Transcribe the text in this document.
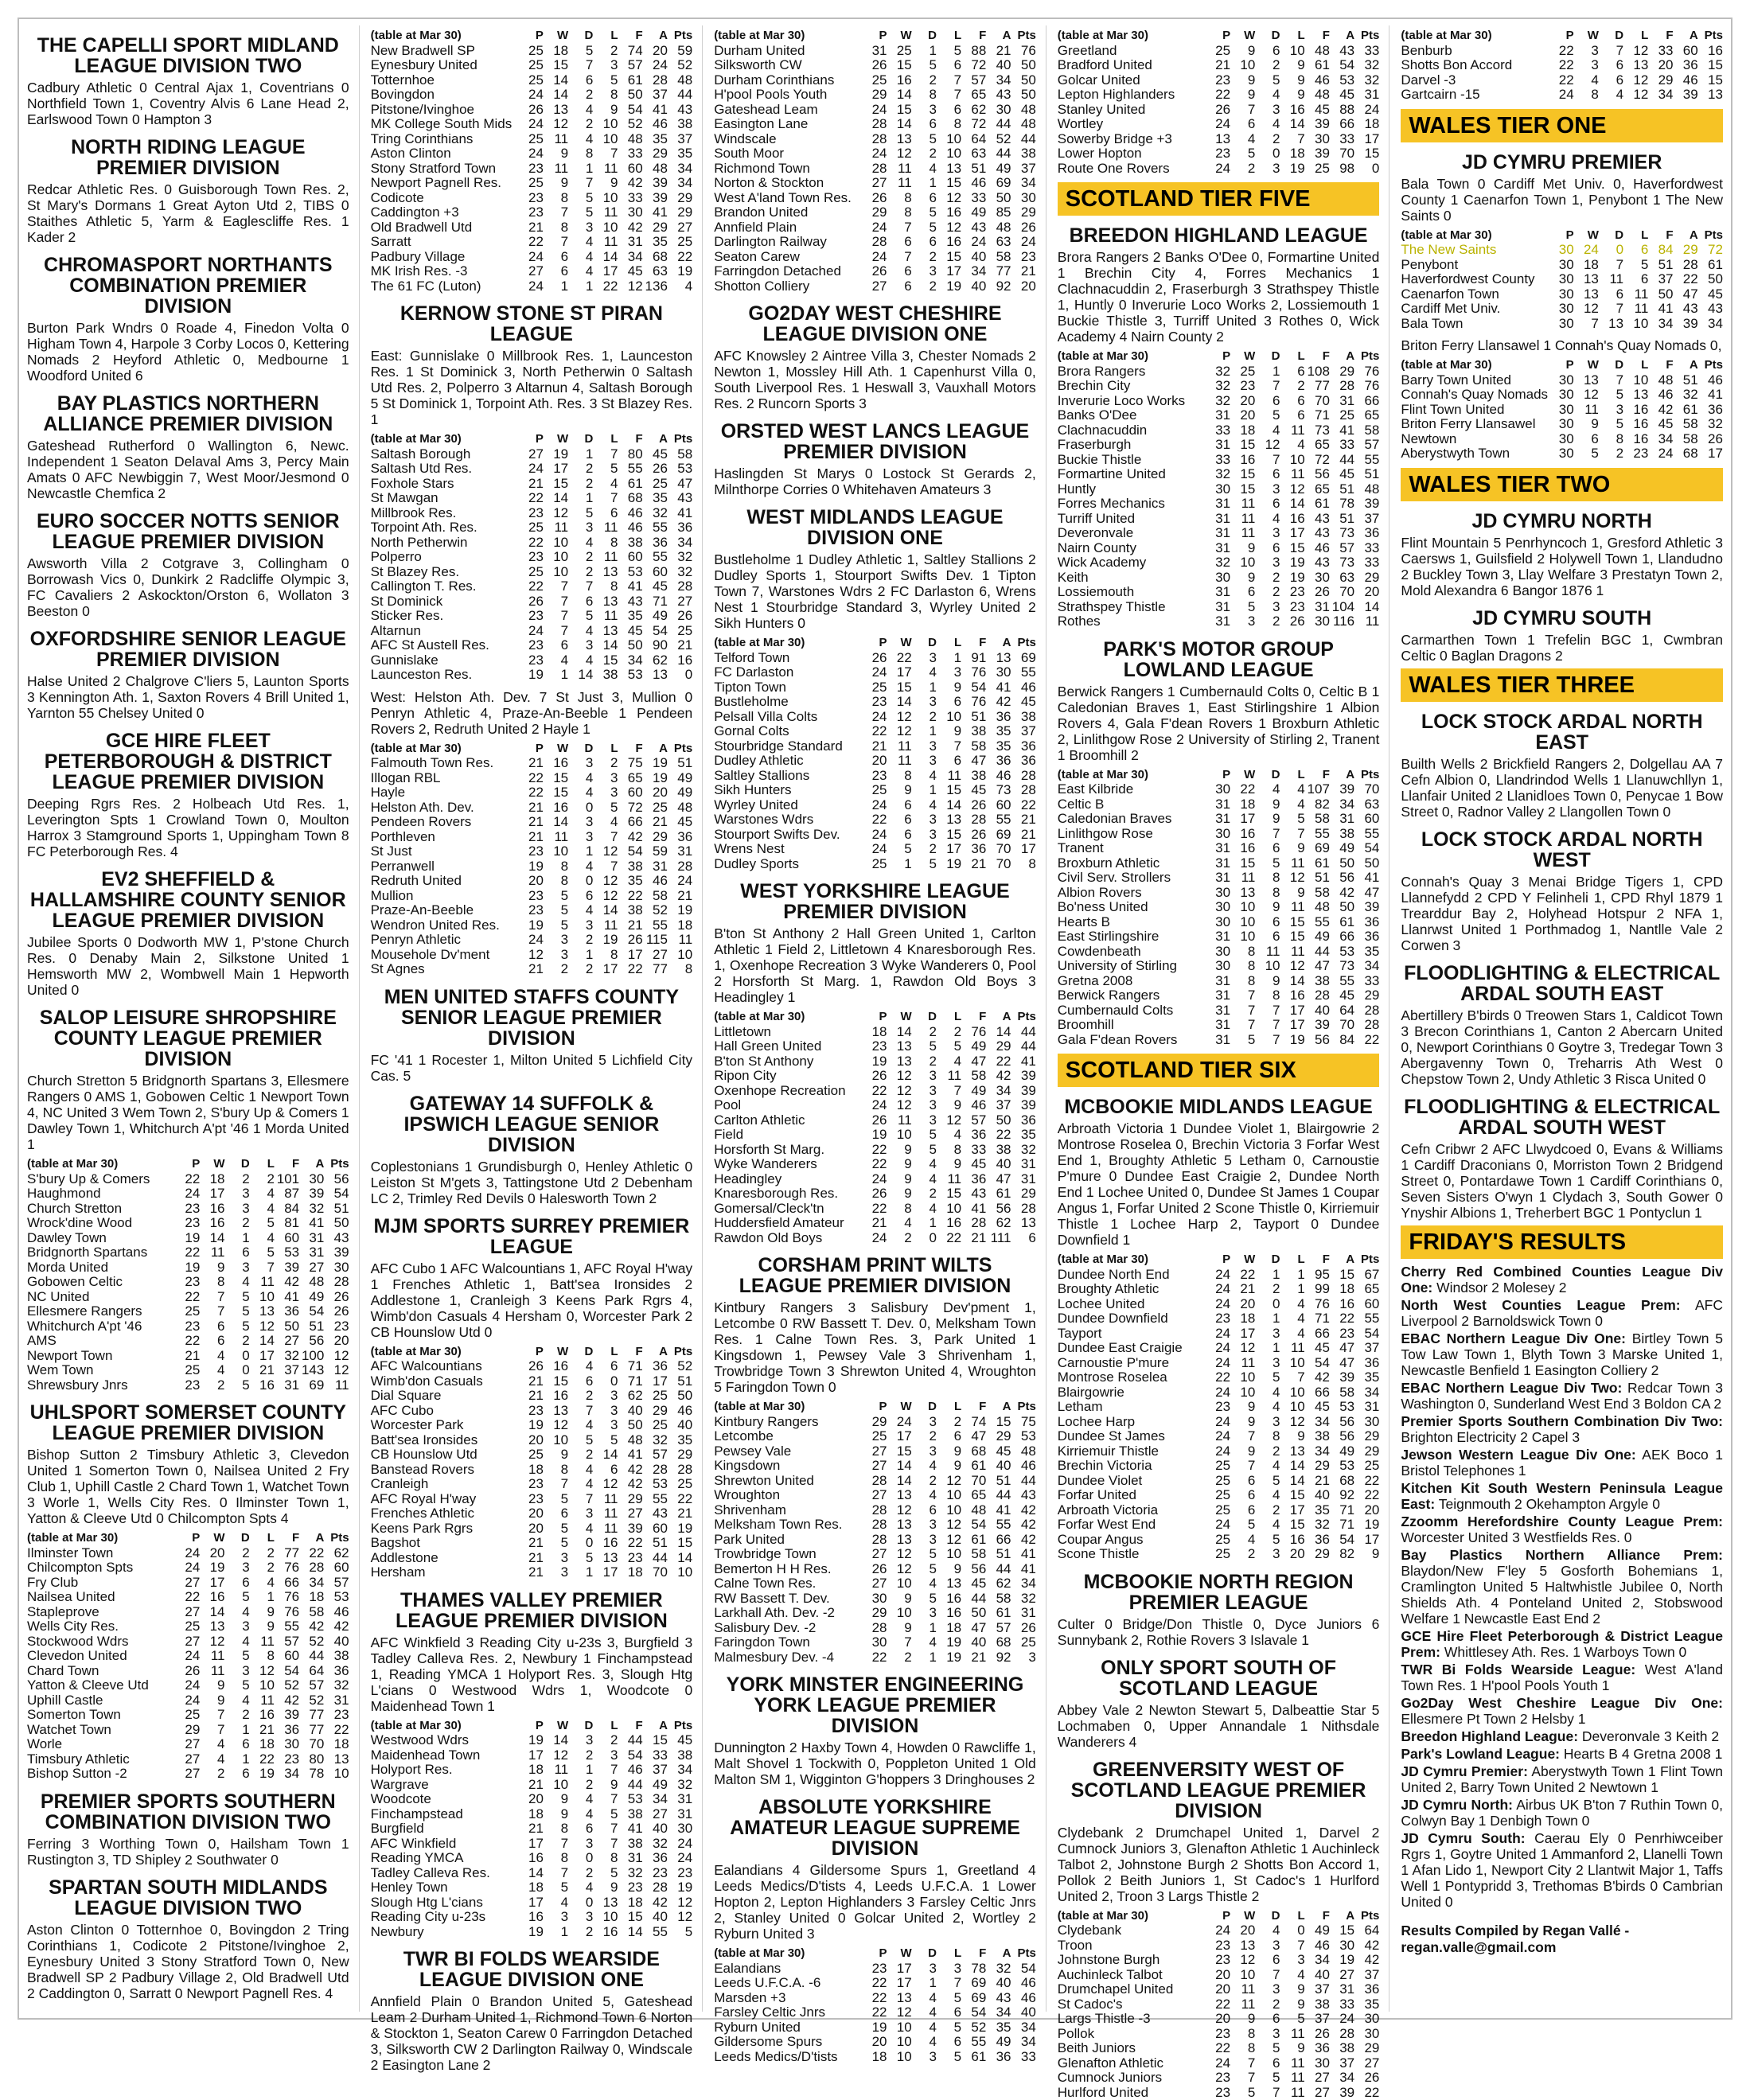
THE CAPELLI SPORT MIDLAND LEAGUE DIVISION TWO

Cadbury Athletic 0 Central Ajax 1, Coventrians 0 Northfield Town 1, Coventry Alvis 6 Lane Head 2, Earlswood Town 0 Hampton 3

NORTH RIDING LEAGUE PREMIER DIVISION

Redcar Athletic Res. 0 Guisborough Town Res. 2, St Mary's Dormans 1 Great Ayton Utd 2, TIBS 0 Staithes Athletic 5, Yarm & Eaglescliffe Res. 1 Kader 2

CHROMASPORT NORTHANTS COMBINATION PREMIER DIVISION

Burton Park Wndrs 0 Roade 4, Finedon Volta 0 Higham Town 4, Harpole 3 Corby Locos 0, Kettering Nomads 2 Heyford Athletic 0, Medbourne 1 Woodford United 6

BAY PLASTICS NORTHERN ALLIANCE PREMIER DIVISION

Gateshead Rutherford 0 Wallington 6, Newc. Independent 1 Seaton Delaval Ams 3, Percy Main Amats 0 AFC Newbiggin 7, West Moor/Jesmond 0 Newcastle Chemfica 2

EURO SOCCER NOTTS SENIOR LEAGUE PREMIER DIVISION

Awsworth Villa 2 Cotgrave 3, Collingham 0 Borrowash Vics 0, Dunkirk 2 Radcliffe Olympic 3, FC Cavaliers 2 Askockton/Orston 6, Wollaton 3 Beeston 0

OXFORDSHIRE SENIOR LEAGUE PREMIER DIVISION

Halse United 2 Chalgrove C'liers 5, Launton Sports 3 Kennington Ath. 1, Saxton Rovers 4 Brill United 1, Yarnton 55 Chelsey United 0

GCE HIRE FLEET PETERBOROUGH & DISTRICT LEAGUE PREMIER DIVISION

Deeping Rgrs Res. 2 Holbeach Utd Res. 1, Leverington Spts 1 Crowland Town 0, Moulton Harrox 3 Stamground Sports 1, Uppingham Town 8 FC Peterborough Res. 4

EV2 SHEFFIELD & HALLAMSHIRE COUNTY SENIOR LEAGUE PREMIER DIVISION

Jubilee Sports 0 Dodworth MW 1, P'stone Church Res. 0 Denaby Main 2, Silkstone United 1 Hemsworth MW 2, Wombwell Main 1 Hepworth United 0

SALOP LEISURE SHROPSHIRE COUNTY LEAGUE PREMIER DIVISION

Church Stretton 5 Bridgnorth Spartans 3, Ellesmere Rangers 0 AMS 1, Gobowen Celtic 1 Newport Town 4, NC United 3 Wem Town 2, S'bury Up & Comers 1 Dawley Town 1, Whitchurch A'pt '46 1 Morda United 1

(table at Mar 30)	P	W	D	L	F	A	Pts
S'bury Up & Comers	22	18	2	2	101	30	56
Haughmond	24	17	3	4	87	39	54
Church Stretton	23	16	3	4	84	32	51
Wrock'dine Wood	23	16	2	5	81	41	50
Dawley Town	19	14	1	4	60	31	43
Bridgnorth Spartans	22	11	6	5	53	31	39
Morda United	19	9	3	7	39	27	30
Gobowen Celtic	23	8	4	11	42	48	28
NC United	22	7	5	10	41	49	26
Ellesmere Rangers	25	7	5	13	36	54	26
Whitchurch A'pt '46	23	6	5	12	50	51	23
AMS	22	6	2	14	27	56	20
Newport Town	21	4	0	17	32	100	12
Wem Town	25	4	0	21	37	143	12
Shrewsbury Jnrs	23	2	5	16	31	69	11
UHLSPORT SOMERSET COUNTY LEAGUE PREMIER DIVISION

Bishop Sutton 2 Timsbury Athletic 3, Clevedon United 1 Somerton Town 0, Nailsea United 2 Fry Club 1, Uphill Castle 2 Chard Town 1, Watchet Town 3 Worle 1, Wells City Res. 0 Ilminster Town 1, Yatton & Cleeve Utd 0 Chilcompton Spts 4

(table at Mar 30)	P	W	D	L	F	A	Pts
Ilminster Town	24	20	2	2	77	22	62
Chilcompton Spts	24	19	3	2	76	28	60
Fry Club	27	17	6	4	66	34	57
Nailsea United	22	16	5	1	76	18	53
Stapleprove	27	14	4	9	76	58	46
Wells City Res.	25	13	3	9	55	42	42
Stockwood Wdrs	27	12	4	11	57	52	40
Clevedon United	24	11	5	8	60	44	38
Chard Town	26	11	3	12	54	64	36
Yatton & Cleeve Utd	24	9	5	10	52	57	32
Uphill Castle	24	9	4	11	42	52	31
Somerton Town	25	7	2	16	39	77	23
Watchet Town	29	7	1	21	36	77	22
Worle	27	4	6	18	30	70	18
Timsbury Athletic	27	4	1	22	23	80	13
Bishop Sutton -2	27	2	6	19	34	78	10
PREMIER SPORTS SOUTHERN COMBINATION DIVISION TWO

Ferring 3 Worthing Town 0, Hailsham Town 1 Rustington 3, TD Shipley 2 Southwater 0

SPARTAN SOUTH MIDLANDS LEAGUE DIVISION TWO

Aston Clinton 0 Totternhoe 0, Bovingdon 2 Tring Corinthians 1, Codicote 2 Pitstone/Ivinghoe 2, Eynesbury United 3 Stony Stratford Town 0, New Bradwell SP 2 Padbury Village 2, Old Bradwell Utd 2 Caddington 0, Sarratt 0 Newport Pagnell Res. 4

(table at Mar 30)	P	W	D	L	F	A	Pts
New Bradwell SP	25	18	5	2	74	20	59
Eynesbury United	25	15	7	3	57	24	52
Totternhoe	25	14	6	5	61	28	48
Bovingdon	24	14	2	8	50	37	44
Pitstone/Ivinghoe	26	13	4	9	54	41	43
MK College South Mids	24	12	2	10	52	46	38
Tring Corinthians	25	11	4	10	48	35	37
Aston Clinton	24	9	8	7	33	29	35
Stony Stratford Town	23	11	1	11	60	48	34
Newport Pagnell Res.	25	9	7	9	42	39	34
Codicote	23	8	5	10	33	39	29
Caddington +3	23	7	5	11	30	41	29
Old Bradwell Utd	21	8	3	10	42	29	27
Sarratt	22	7	4	11	31	35	25
Padbury Village	24	6	4	14	34	68	22
MK Irish Res. -3	27	6	4	17	45	63	19
The 61 FC (Luton)	24	1	1	22	12	136	4
KERNOW STONE ST PIRAN LEAGUE

East: Gunnislake 0 Millbrook Res. 1, Launceston Res. 1 St Dominick 3, North Petherwin 0 Saltash Utd Res. 2, Polperro 3 Altarnun 4, Saltash Borough 5 St Dominick 1, Torpoint Ath. Res. 3 St Blazey Res. 1

(table at Mar 30)	P	W	D	L	F	A	Pts
Saltash Borough	27	19	1	7	80	45	58
Saltash Utd Res.	24	17	2	5	55	26	53
Foxhole Stars	21	15	2	4	61	25	47
St Mawgan	22	14	1	7	68	35	43
Millbrook Res.	23	12	5	6	46	32	41
Torpoint Ath. Res.	25	11	3	11	46	55	36
North Petherwin	22	10	4	8	38	36	34
Polperro	23	10	2	11	60	55	32
St Blazey Res.	25	10	2	13	53	60	32
Callington T. Res.	22	7	7	8	41	45	28
St Dominick	26	7	6	13	43	71	27
Sticker Res.	23	7	5	11	35	49	26
Altarnun	24	7	4	13	45	54	25
AFC St Austell Res.	23	6	3	14	50	90	21
Gunnislake	23	4	4	15	34	62	16
Launceston Res.	19	1	14	38	53	13	0

West: Helston Ath. Dev. 7 St Just 3, Mullion 0 Penryn Athletic 4, Praze-An-Beeble 1 Pendeen Rovers 2, Redruth United 2 Hayle 1

(table at Mar 30)	P	W	D	L	F	A	Pts
Falmouth Town Res.	21	16	3	2	75	19	51
Illogan RBL	22	15	4	3	65	19	49
Hayle	22	15	4	3	60	20	49
Helston Ath. Dev.	21	16	0	5	72	25	48
Pendeen Rovers	21	14	3	4	66	21	45
Porthleven	21	11	3	7	42	29	36
St Just	23	10	1	12	54	59	31
Perranwell	19	8	4	7	38	31	28
Redruth United	20	8	0	12	35	46	24
Mullion	23	5	6	12	22	58	21
Praze-An-Beeble	23	5	4	14	38	52	19
Wendron United Res.	19	5	3	11	21	55	18
Penryn Athletic	24	3	2	19	26	115	11
Mousehole Dv'ment	12	3	1	8	17	27	10
St Agnes	21	2	2	17	22	77	8
MEN UNITED STAFFS COUNTY SENIOR LEAGUE PREMIER DIVISION

FC '41 1 Rocester 1, Milton United 5 Lichfield City Cas. 5

GATEWAY 14 SUFFOLK & IPSWICH LEAGUE SENIOR DIVISION

Coplestonians 1 Grundisburgh 0, Henley Athletic 0 Leiston St M'gets 3, Tattingstone Utd 2 Debenham LC 2, Trimley Red Devils 0 Halesworth Town 2

MJM SPORTS SURREY PREMIER LEAGUE

AFC Cubo 1 AFC Walcountians 1, AFC Royal H'way 1 Frenches Athletic 1, Batt'sea Ironsides 2 Addlestone 1, Cranleigh 3 Keens Park Rgrs 4, Wimb'don Casuals 4 Hersham 0, Worcester Park 2 CB Hounslow Utd 0

(table at Mar 30)	P	W	D	L	F	A	Pts
AFC Walcountians	26	16	4	6	71	36	52
Wimb'don Casuals	21	15	6	0	71	17	51
Dial Square	21	16	2	3	62	25	50
AFC Cubo	23	13	7	3	40	29	46
Worcester Park	19	12	4	3	50	25	40
Batt'sea Ironsides	20	10	5	5	48	32	35
CB Hounslow Utd	25	9	2	14	41	57	29
Banstead Rovers	18	8	4	6	42	28	28
Cranleigh	23	7	4	12	42	53	25
AFC Royal H'way	23	5	7	11	29	55	22
Frenches Athletic	20	6	3	11	27	43	21
Keens Park Rgrs	20	5	4	11	39	60	19
Bagshot	21	5	0	16	22	51	15
Addlestone	21	3	5	13	23	44	14
Hersham	21	3	1	17	18	70	10
THAMES VALLEY PREMIER LEAGUE PREMIER DIVISION

AFC Winkfield 3 Reading City u-23s 3, Burgfield 3 Tadley Calleva Res. 2, Newbury 1 Finchampstead 1, Reading YMCA 1 Holyport Res. 3, Slough Htg L'cians 0 Westwood Wdrs 1, Woodcote 0 Maidenhead Town 1

(table at Mar 30)	P	W	D	L	F	A	Pts
Westwood Wdrs	19	14	3	2	44	15	45
Maidenhead Town	17	12	2	3	54	33	38
Holyport Res.	18	11	1	7	46	37	34
Wargrave	21	10	2	9	44	49	32
Woodcote	20	9	4	7	53	34	31
Finchampstead	18	9	4	5	38	27	31
Burgfield	21	8	6	7	41	40	30
AFC Winkfield	17	7	3	7	38	32	24
Reading YMCA	16	8	0	8	31	36	24
Tadley Calleva Res.	14	7	2	5	32	23	23
Henley Town	18	5	4	9	23	28	19
Slough Htg L'cians	17	4	0	13	18	42	12
Reading City u-23s	16	3	3	10	15	40	12
Newbury	19	1	2	16	14	55	5
TWR BI FOLDS WEARSIDE LEAGUE DIVISION ONE

Annfield Plain 0 Brandon United 5, Gateshead Leam 2 Durham United 1, Richmond Town 6 Norton & Stockton 1, Seaton Carew 0 Farringdon Detached 3, Silksworth CW 2 Darlington Railway 0, Windscale 2 Easington Lane 2

(table at Mar 30)	P	W	D	L	F	A	Pts
Durham United	31	25	1	5	88	21	76
Silksworth CW	26	15	5	6	72	40	50
Durham Corinthians	25	16	2	7	57	34	50
H'pool Pools Youth	29	14	8	7	65	43	50
Gateshead Leam	24	15	3	6	62	30	48
Easington Lane	28	14	6	8	72	44	48
Windscale	28	13	5	10	64	52	44
South Moor	24	12	2	10	63	44	38
Richmond Town	28	11	4	13	51	49	37
Norton & Stockton	27	11	1	15	46	69	34
West A'land Town Res.	26	8	6	12	33	50	30
Brandon United	29	8	5	16	49	85	29
Annfield Plain	24	7	5	12	43	48	26
Darlington Railway	28	6	6	16	24	63	24
Seaton Carew	24	7	2	15	40	58	23
Farringdon Detached	26	6	3	17	34	77	21
Shotton Colliery	27	6	2	19	40	92	20
GO2DAY WEST CHESHIRE LEAGUE DIVISION ONE

AFC Knowsley 2 Aintree Villa 3, Chester Nomads 2 Newton 1, Mossley Hill Ath. 1 Capenhurst Villa 0, South Liverpool Res. 1 Heswall 3, Vauxhall Motors Res. 2 Runcorn Sports 3

ORSTED WEST LANCS LEAGUE PREMIER DIVISION

Haslingden St Marys 0 Lostock St Gerards 2, Milnthorpe Corries 0 Whitehaven Amateurs 3

WEST MIDLANDS LEAGUE DIVISION ONE

Bustleholme 1 Dudley Athletic 1, Saltley Stallions 2 Dudley Sports 1, Stourport Swifts Dev. 1 Tipton Town 7, Warstones Wdrs 2 FC Darlaston 6, Wrens Nest 1 Stourbridge Standard 3, Wyrley United 2 Sikh Hunters 0

(table at Mar 30)	P	W	D	L	F	A	Pts
Telford Town	26	22	3	1	91	13	69
FC Darlaston	24	17	4	3	76	30	55
Tipton Town	25	15	1	9	54	41	46
Bustleholme	23	14	3	6	76	42	45
Pelsall Villa Colts	24	12	2	10	51	36	38
Gornal Colts	22	12	1	9	38	35	37
Stourbridge Standard	21	11	3	7	58	35	36
Dudley Athletic	20	11	3	6	47	36	36
Saltley Stallions	23	8	4	11	38	46	28
Sikh Hunters	25	9	1	15	45	73	28
Wyrley United	24	6	4	14	26	60	22
Warstones Wdrs	22	6	3	13	28	55	21
Stourport Swifts Dev.	24	6	3	15	26	69	21
Wrens Nest	24	5	2	17	36	70	17
Dudley Sports	25	1	5	19	21	70	8
WEST YORKSHIRE LEAGUE PREMIER DIVISION

B'ton St Anthony 2 Hall Green United 1, Carlton Athletic 1 Field 2, Littletown 4 Knaresborough Res. 1, Oxenhope Recreation 3 Wyke Wanderers 0, Pool 2 Horsforth St Marg. 1, Rawdon Old Boys 3 Headingley 1

(table at Mar 30)	P	W	D	L	F	A	Pts
Littletown	18	14	2	2	76	14	44
Hall Green United	23	13	5	5	49	29	44
B'ton St Anthony	19	13	2	4	47	22	41
Ripon City	26	12	3	11	58	42	39
Oxenhope Recreation	22	12	3	7	49	34	39
Pool	24	12	3	9	46	37	39
Carlton Athletic	26	11	3	12	57	50	36
Field	19	10	5	4	36	22	35
Horsforth St Marg.	22	9	5	8	33	38	32
Wyke Wanderers	22	9	4	9	45	40	31
Headingley	24	9	4	11	36	47	31
Knaresborough Res.	26	9	2	15	43	61	29
Gomersal/Cleck'tn	22	8	4	10	41	56	28
Huddersfield Amateur	21	4	1	16	28	62	13
Rawdon Old Boys	24	2	0	22	21	111	6
CORSHAM PRINT WILTS LEAGUE PREMIER DIVISION

Kintbury Rangers 3 Salisbury Dev'pment 1, Letcombe 0 RW Bassett T. Dev. 0, Melksham Town Res. 1 Calne Town Res. 3, Park United 1 Kingsdown 1, Pewsey Vale 3 Shrivenham 1, Trowbridge Town 3 Shrewton United 4, Wroughton 5 Faringdon Town 0

(table at Mar 30)	P	W	D	L	F	A	Pts
Kintbury Rangers	29	24	3	2	74	15	75
Letcombe	25	17	2	6	47	29	53
Pewsey Vale	27	15	3	9	68	45	48
Kingsdown	27	14	4	9	61	40	46
Shrewton United	28	14	2	12	70	51	44
Wroughton	27	13	4	10	65	44	43
Shrivenham	28	12	6	10	48	41	42
Melksham Town Res.	28	13	3	12	54	55	42
Park United	28	13	3	12	61	66	42
Trowbridge Town	27	12	5	10	58	51	41
Bemerton H H Res.	26	12	5	9	56	44	41
Calne Town Res.	27	10	4	13	45	62	34
RW Bassett T. Dev.	30	9	5	16	44	58	32
Larkhall Ath. Dev. -2	29	10	3	16	50	61	31
Salisbury Dev. -2	28	9	1	18	47	57	26
Faringdon Town	30	7	4	19	40	68	25
Malmesbury Dev. -4	22	2	1	19	21	92	3
YORK MINSTER ENGINEERING YORK LEAGUE PREMIER DIVISION

Dunnington 2 Haxby Town 4, Howden 0 Rawcliffe 1, Malt Shovel 1 Tockwith 0, Poppleton United 1 Old Malton SM 1, Wigginton G'hoppers 3 Dringhouses 2

ABSOLUTE YORKSHIRE AMATEUR LEAGUE SUPREME DIVISION

Ealandians 4 Gildersome Spurs 1, Greetland 4 Leeds Medics/D'tists 4, Leeds U.F.C.A. 1 Lower Hopton 2, Lepton Highlanders 3 Farsley Celtic Jnrs 2, Stanley United 0 Golcar United 2, Wortley 2 Ryburn United 3

(table at Mar 30)	P	W	D	L	F	A	Pts
Ealandians	23	17	3	3	78	32	54
Leeds U.F.C.A. -6	22	17	1	7	69	40	46
Marsden +3	22	13	4	5	69	43	46
Farsley Celtic Jnrs	22	12	4	6	54	34	40
Ryburn United	19	10	4	5	52	35	34
Gildersome Spurs	20	10	4	6	55	49	34
Leeds Medics/D'tists	18	10	3	5	61	36	33
(table at Mar 30)	P	W	D	L	F	A	Pts
Greetland	25	9	6	10	48	43	33
Bradford United	21	10	2	9	61	54	32
Golcar United	23	9	5	9	46	53	32
Lepton Highlanders	22	9	4	9	48	45	31
Stanley United	26	7	3	16	45	88	24
Wortley	24	6	4	14	39	66	18
Sowerby Bridge +3	13	4	2	7	30	33	17
Lower Hopton	23	5	0	18	39	70	15
Route One Rovers	24	2	3	19	25	98	0
SCOTLAND TIER FIVE
BREEDON HIGHLAND LEAGUE

Brora Rangers 2 Banks O'Dee 0, Formartine United 1 Brechin City 4, Forres Mechanics 1 Clachnacuddin 2, Fraserburgh 3 Strathspey Thistle 1, Huntly 0 Inverurie Loco Works 2, Lossiemouth 1 Buckie Thistle 3, Turriff United 3 Rothes 0, Wick Academy 4 Nairn County 2

(table at Mar 30)	P	W	D	L	F	A	Pts
Brora Rangers	32	25	1	6	108	29	76
Brechin City	32	23	7	2	77	28	76
Inverurie Loco Works	32	20	6	6	70	31	66
Banks O'Dee	31	20	5	6	71	25	65
Clachnacuddin	33	18	4	11	73	41	58
Fraserburgh	31	15	12	4	65	33	57
Buckie Thistle	33	16	7	10	72	44	55
Formartine United	32	15	6	11	56	45	51
Huntly	30	15	3	12	65	51	48
Forres Mechanics	31	11	6	14	61	78	39
Turriff United	31	11	4	16	43	51	37
Deveronvale	31	11	3	17	43	73	36
Nairn County	31	9	6	15	46	57	33
Wick Academy	32	10	3	19	43	73	33
Keith	30	9	2	19	30	63	29
Lossiemouth	31	6	2	23	26	70	20
Strathspey Thistle	31	5	3	23	31	104	14
Rothes	31	3	2	26	30	116	11
PARK'S MOTOR GROUP LOWLAND LEAGUE

Berwick Rangers 1 Cumbernauld Colts 0, Celtic B 1 Caledonian Braves 1, East Stirlingshire 1 Albion Rovers 4, Gala F'dean Rovers 1 Broxburn Athletic 2, Linlithgow Rose 2 University of Stirling 2, Tranent 1 Broomhill 2

(table at Mar 30)	P	W	D	L	F	A	Pts
East Kilbride	30	22	4	4	107	39	70
Celtic B	31	18	9	4	82	34	63
Caledonian Braves	31	17	9	5	58	31	60
Linlithgow Rose	30	16	7	7	55	38	55
Tranent	31	16	6	9	69	49	54
Broxburn Athletic	31	15	5	11	61	50	50
Civil Serv. Strollers	31	11	8	12	51	56	41
Albion Rovers	30	13	8	9	58	42	47
Bo'ness United	30	10	9	11	48	50	39
Hearts B	30	10	6	15	55	61	36
East Stirlingshire	31	10	6	15	49	66	36
Cowdenbeath	30	8	11	11	44	53	35
University of Stirling	30	8	10	12	47	73	34
Gretna 2008	31	8	9	14	38	55	33
Berwick Rangers	31	7	8	16	28	45	29
Cumbernauld Colts	31	7	7	17	40	64	28
Broomhill	31	7	7	17	39	70	28
Gala F'dean Rovers	31	5	7	19	56	84	22
SCOTLAND TIER SIX
MCBOOKIE MIDLANDS LEAGUE

Arbroath Victoria 1 Dundee Violet 1, Blairgowrie 2 Montrose Roselea 0, Brechin Victoria 3 Forfar West End 1, Broughty Athletic 5 Letham 0, Carnoustie P'mure 0 Dundee East Craigie 2, Dundee North End 1 Lochee United 0, Dundee St James 1 Coupar Angus 1, Forfar United 2 Scone Thistle 0, Kirriemuir Thistle 1 Lochee Harp 2, Tayport 0 Dundee Downfield 1

(table at Mar 30)	P	W	D	L	F	A	Pts
Dundee North End	24	22	1	1	95	15	67
Broughty Athletic	24	21	2	1	99	18	65
Lochee United	24	20	0	4	76	16	60
Dundee Downfield	23	18	1	4	71	22	55
Tayport	24	17	3	4	66	23	54
Dundee East Craigie	24	12	1	11	45	47	37
Carnoustie P'mure	24	11	3	10	54	47	36
Montrose Roselea	22	10	5	7	42	39	35
Blairgowrie	24	10	4	10	66	58	34
Letham	23	9	4	10	45	53	31
Lochee Harp	24	9	3	12	34	56	30
Dundee St James	24	7	8	9	38	56	29
Kirriemuir Thistle	24	9	2	13	34	49	29
Brechin Victoria	25	7	4	14	29	53	25
Dundee Violet	25	6	5	14	21	68	22
Forfar United	25	6	4	15	40	92	22
Arbroath Victoria	25	6	2	17	35	71	20
Forfar West End	24	5	4	15	32	71	19
Coupar Angus	25	4	5	16	36	54	17
Scone Thistle	25	2	3	20	29	82	9
MCBOOKIE NORTH REGION PREMIER LEAGUE

Culter 0 Bridge/Don Thistle 0, Dyce Juniors 6 Sunnybank 2, Rothie Rovers 3 Islavale 1

ONLY SPORT SOUTH OF SCOTLAND LEAGUE

Abbey Vale 2 Newton Stewart 5, Dalbeattie Star 5 Lochmaben 0, Upper Annandale 1 Nithsdale Wanderers 4

GREENVERSITY WEST OF SCOTLAND LEAGUE PREMIER DIVISION

Clydebank 2 Drumchapel United 1, Darvel 2 Cumnock Juniors 3, Glenafton Athletic 1 Auchinleck Talbot 2, Johnstone Burgh 2 Shotts Bon Accord 1, Pollok 2 Beith Juniors 1, St Cadoc's 1 Hurlford United 2, Troon 3 Largs Thistle 2

(table at Mar 30)	P	W	D	L	F	A	Pts
Clydebank	24	20	4	0	49	15	64
Troon	23	13	3	7	46	30	42
Johnstone Burgh	23	12	6	3	34	19	42
Auchinleck Talbot	20	10	7	4	40	27	37
Drumchapel United	20	11	3	9	37	31	36
St Cadoc's	22	11	2	9	38	33	35
Largs Thistle -3	20	9	6	5	37	24	30
Pollok	23	8	3	11	26	28	30
Beith Juniors	22	8	5	9	36	38	29
Glenafton Athletic	24	7	6	11	30	37	27
Cumnock Juniors	23	7	5	11	27	34	26
Hurlford United	23	5	7	11	27	39	22
(table at Mar 30)	P	W	D	L	F	A	Pts
Benburb	22	3	7	12	33	60	16
Shotts Bon Accord	22	3	6	13	20	36	15
Darvel -3	22	4	6	12	29	46	15
Gartcairn -15	24	8	4	12	34	39	13
WALES TIER ONE
JD CYMRU PREMIER

Bala Town 0 Cardiff Met Univ. 0, Haverfordwest County 1 Caenarfon Town 1, Penybont 1 The New Saints 0

(table at Mar 30)	P	W	D	L	F	A	Pts
The New Saints	30	24	0	6	84	29	72
Penybont	30	18	7	5	51	28	61
Haverfordwest County	30	13	11	6	37	22	50
Caenarfon Town	30	13	6	11	50	47	45
Cardiff Met Univ.	30	12	7	11	41	43	43
Bala Town	30	7	13	10	34	39	34

Briton Ferry Llansawel 1 Connah's Quay Nomads 0,

(table at Mar 30)	P	W	D	L	F	A	Pts
Barry Town United	30	13	7	10	48	51	46
Connah's Quay Nomads	30	12	5	13	46	32	41
Flint Town United	30	11	3	16	42	61	36
Briton Ferry Llansawel	30	9	5	16	45	58	32
Newtown	30	6	8	16	34	58	26
Aberystwyth Town	30	5	2	23	24	68	17
WALES TIER TWO
JD CYMRU NORTH

Flint Mountain 5 Penrhyncoch 1, Gresford Athletic 3 Caersws 1, Guilsfield 2 Holywell Town 1, Llandudno 2 Buckley Town 3, Llay Welfare 3 Prestatyn Town 2, Mold Alexandra 6 Bangor 1876 1

JD CYMRU SOUTH

Carmarthen Town 1 Trefelin BGC 1, Cwmbran Celtic 0 Baglan Dragons 2

WALES TIER THREE
LOCK STOCK ARDAL NORTH EAST

Builth Wells 2 Brickfield Rangers 2, Dolgellau AA 7 Cefn Albion 0, Llandrindod Wells 1 Llanuwchllyn 1, Llanfair United 2 Llanidloes Town 0, Penycae 1 Bow Street 0, Radnor Valley 2 Llangollen Town 0

LOCK STOCK ARDAL NORTH WEST

Connah's Quay 3 Menai Bridge Tigers 1, CPD Llannefydd 2 CPD Y Felinheli 1, CPD Rhyl 1879 1 Trearddur Bay 2, Holyhead Hotspur 2 NFA 1, Llanrwst United 1 Porthmadog 1, Nantlle Vale 2 Corwen 3

FLOODLIGHTING & ELECTRICAL ARDAL SOUTH EAST

Abertillery B'birds 0 Treowen Stars 1, Caldicot Town 3 Brecon Corinthians 1, Canton 2 Abercarn United 0, Newport Corinthians 0 Goytre 3, Tredegar Town 3 Abergavenny Town 0, Treharris Ath West 0 Chepstow Town 2, Undy Athletic 3 Risca United 0

FLOODLIGHTING & ELECTRICAL ARDAL SOUTH WEST

Cefn Cribwr 2 AFC Llwydcoed 0, Evans & Williams 1 Cardiff Draconians 0, Morriston Town 2 Bridgend Street 0, Pontardawe Town 1 Cardiff Corinthians 0, Seven Sisters O'wyn 1 Clydach 3, South Gower 0 Ynyshir Albions 1, Treherbert BGC 1 Pontyclun 1

FRIDAY'S RESULTS

Cherry Red Combined Counties League Div One: Windsor 2 Molesey 2

North West Counties League Prem: AFC Liverpool 2 Barnoldswick Town 0

EBAC Northern League Div One: Birtley Town 5 Tow Law Town 1, Blyth Town 3 Marske United 1, Newcastle Benfield 1 Easington Colliery 2

EBAC Northern League Div Two: Redcar Town 3 Washington 0, Sunderland West End 3 Boldon CA 2

Premier Sports Southern Combination Div Two: Brighton Electricity 2 Capel 3

Jewson Western League Div One: AEK Boco 1 Bristol Telephones 1

Kitchen Kit South Western Peninsula League East: Teignmouth 2 Okehampton Argyle 0

Zzoomm Herefordshire County League Prem: Worcester United 3 Westfields Res. 0

Bay Plastics Northern Alliance Prem: Blaydon/New F'ley 5 Gosforth Bohemians 1, Cramlington United 5 Haltwhistle Jubilee 0, North Shields Ath. 4 Ponteland United 2, Stobswood Welfare 1 Newcastle East End 2

GCE Hire Fleet Peterborough & District League Prem: Whittlesey Ath. Res. 1 Warboys Town 0

TWR Bi Folds Wearside League: West A'land Town Res. 1 H'pool Pools Youth 1

Go2Day West Cheshire League Div One: Ellesmere Pt Town 2 Helsby 1

Breedon Highland League: Deveronvale 3 Keith 2

Park's Lowland League: Hearts B 4 Gretna 2008 1

JD Cymru Premier: Aberystwyth Town 1 Flint Town United 2, Barry Town United 2 Newtown 1

JD Cymru North: Airbus UK B'ton 7 Ruthin Town 0, Colwyn Bay 1 Denbigh Town 0

JD Cymru South: Caerau Ely 0 Penrhiwceiber Rgrs 1, Goytre United 1 Ammanford 2, Llanelli Town 1 Afan Lido 1, Newport City 2 Llantwit Major 1, Taffs Well 1 Pontypridd 3, Trethomas B'birds 0 Cambrian United 0

Results Compiled by Regan Vallé -
regan.valle@gmail.com
